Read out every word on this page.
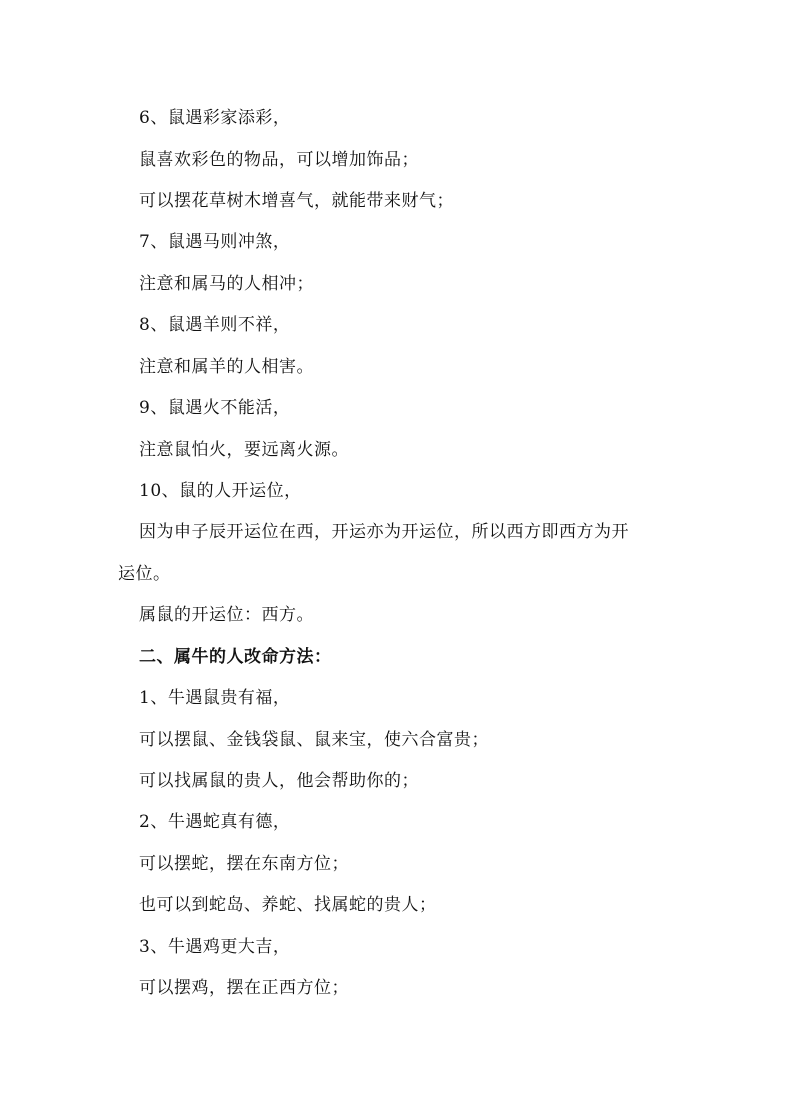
6、鼠遇彩家添彩，
鼠喜欢彩色的物品，可以增加饰品；
可以摆花草树木增喜气，就能带来财气；
7、鼠遇马则冲煞，
注意和属马的人相冲；
8、鼠遇羊则不祥，
注意和属羊的人相害。
9、鼠遇火不能活，
注意鼠怕火，要远离火源。
10、鼠的人开运位，
因为申子辰开运位在西，开运亦为开运位，所以西方即西方为开
运位。
属鼠的开运位：西方。
二、属牛的人改命方法：
1、牛遇鼠贵有福，
可以摆鼠、金钱袋鼠、鼠来宝，使六合富贵；
可以找属鼠的贵人，他会帮助你的；
2、牛遇蛇真有德，
可以摆蛇，摆在东南方位；
也可以到蛇岛、养蛇、找属蛇的贵人；
3、牛遇鸡更大吉，
可以摆鸡，摆在正西方位；
